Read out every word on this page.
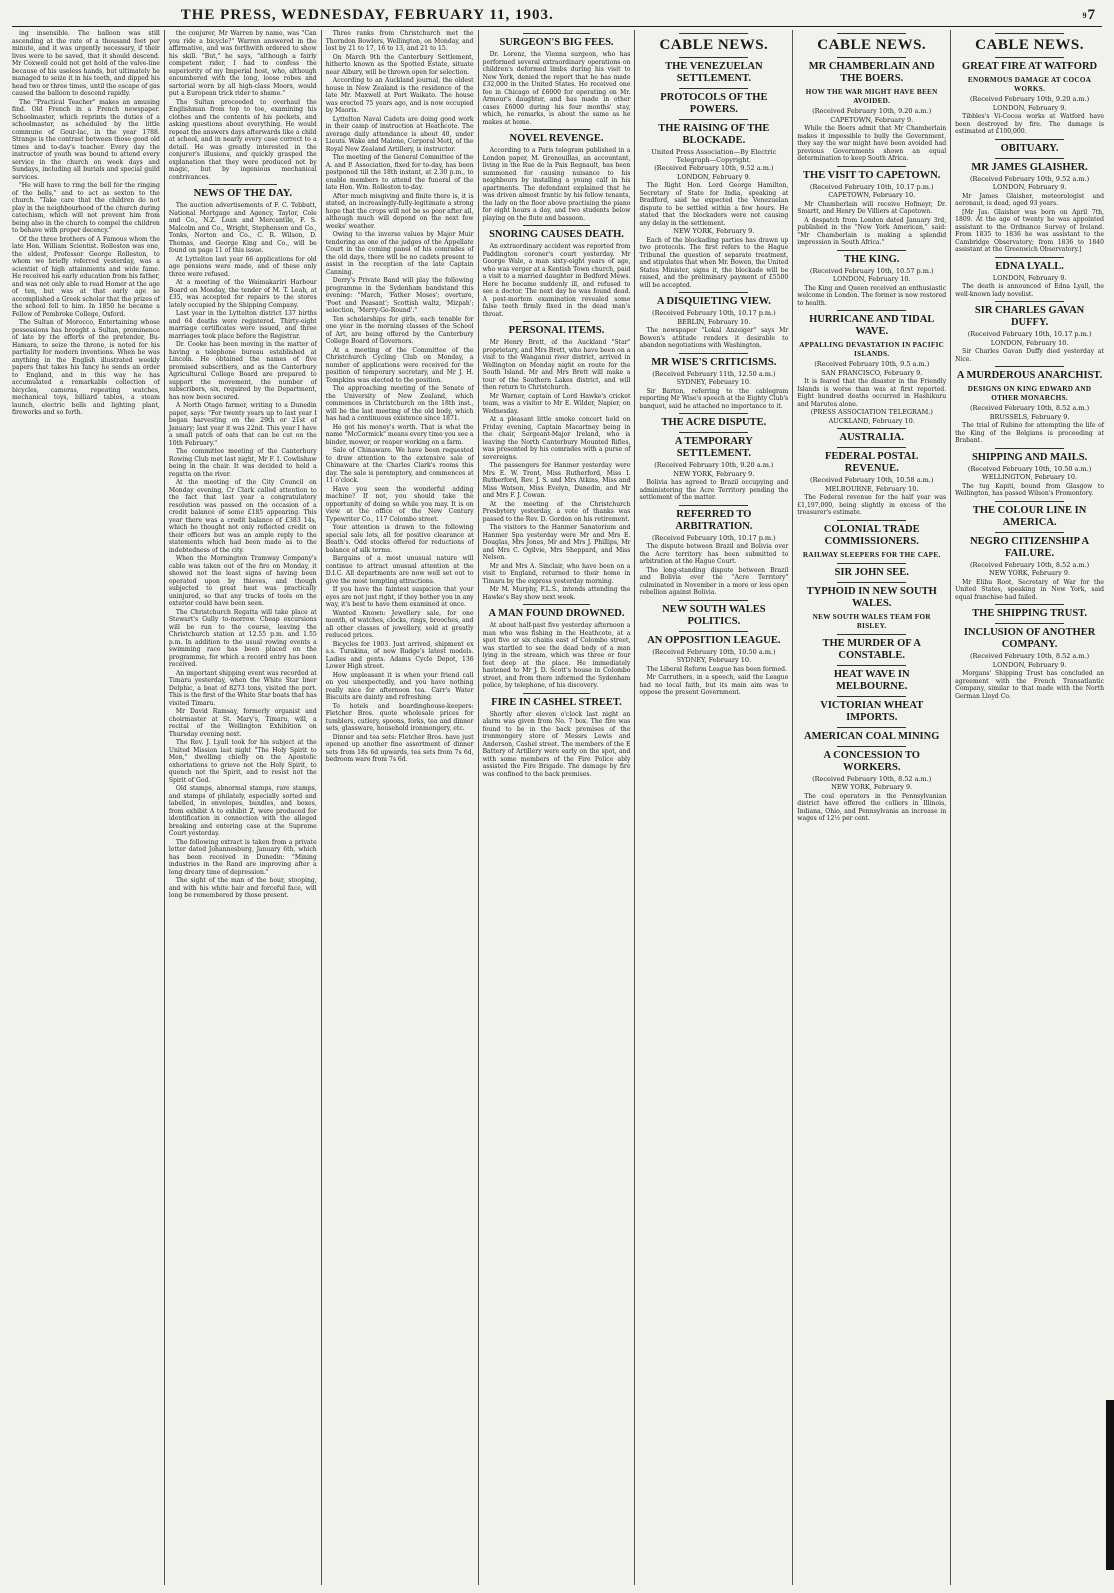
9
THE PRESS, WEDNESDAY, FEBRUARY 11, 1903.	7

ing insensible. The balloon was still ascending at the rate of a thousand feet per minute, and it was urgently necessary, if their lives were to be saved, that it should descend. Mr Coxwell could not get hold of the valve-line because of his useless hands, but ultimately he managed to seize it in his teeth, and dipped his head two or three times, until the escape of gas caused the balloon to descend rapidly.

The "Practical Teacher" makes an amusing find. Old French in a French newspaper. Schoolmaster, which reprints the duties of a schoolmaster, as scheduled by the little commune of Gour-lac, in the year 1788. Strange is the contrast between those good old times and to-day's teacher. Every day the instructor of youth was bound to attend every service in the church on week days and Sundays, including all burials and special guild services.

"He will have to ring the bell for the ringing of the bells," and to act as sexton to the church. "Take care that the children do not play in the neighbourhood of the church during catechism, which will not prevent him from being also in the church to compel the children to behave with proper decency."

Of the three brothers of A Famous whom the late Hon. William Scientist. Rolleston was one, the eldest, Professor George Rolleston, to whom we briefly referred yesterday, was a scientist of high attainments and wide fame. He received his early education from his father, and was not only able to read Homer at the age of ten, but was at that early age so accomplished a Greek scholar that the prizes of the school fell to him. In 1850 he became a Fellow of Pembroke College, Oxford.

The Sultan of Morocco, Entertaining whose possessions has brought a Sultan, prominence of late by the efforts of the pretender, Bu-Hamara, to seize the throne, is noted for his partiality for modern inventions. When he was anything in the English illustrated weekly papers that takes his fancy he sends an order to England, and in this way he has accumulated a remarkable collection of bicycles, cameras, repeating watches, mechanical toys, billiard tables, a steam launch, electric bells and lighting plant, fireworks and so forth.

the conjurer, Mr Warren by name, was "Can you ride a bicycle?" Warren answered in the affirmative, and was forthwith ordered to show his skill. "But," he says, "although a fairly competent rider, I had to confess the superiority of my Imperial host, who, although encumbered with the long, loose robes and sartorial worn by all high-class Moors, would put a European trick rider to shame."

The Sultan proceeded to overhaul the Englishman from top to toe, examining his clothes and the contents of his pockets, and asking questions about everything. He would repeat the answers days afterwards like a child at school, and in nearly every case correct to a detail. He was greatly interested in the conjurer's illusions, and quickly grasped the explanation that they were produced not by magic, but by ingenious mechanical contrivances.

NEWS OF THE DAY.

The auction advertisements of F. C. Tebbutt, National Mortgage and Agency, Taylor, Cole and Co., N.Z. Loan and Mercantile, F. S. Malcolm and Co., Wright, Stephenson and Co., Tonks, Norton and Co., C. R. Wilson, D. Thomas, and George King and Co., will be found on page 11 of this issue.

At Lyttelton last year 66 applications for old age pensions were made, and of these only three were refused.

At a meeting of the Waimakariri Harbour Board on Monday, the tender of M. T. Leah, at £35, was accepted for repairs to the stores lately occupied by the Shipping Company.

Last year in the Lyttelton district 137 births and 64 deaths were registered. Thirty-eight marriage certificates were issued, and three marriages took place before the Registrar.

Dr. Cooke has been moving in the matter of having a telephone bureau established at Lincoln. He obtained the names of five promised subscribers, and as the Canterbury Agricultural College Board are prepared to support the movement, the number of subscribers, six, required by the Department, has now been secured.

A North Otago farmer, writing to a Dunedin paper, says: "For twenty years up to last year I began harvesting on the 29th or 21st of January; last year it was 22nd. This year I have a small patch of oats that can be cut on the 10th February."

The committee meeting of the Canterbury Rowing Club met last night, Mr F. I. Cowlishaw being in the chair. It was decided to hold a regatta on the river.

At the meeting of the City Council on Monday evening, Cr Clark called attention to the fact that last year a congratulatory resolution was passed on the occasion of a credit balance of some £185 appearing. This year there was a credit balance of £383 14s, which he thought not only reflected credit on their officers but was an ample reply to the statements which had been made as to the indebtedness of the city.

When the Mornington Tramway Company's cable was taken out of the fire on Monday, it showed not the least signs of having been operated upon by thieves, and though subjected to great heat was practically uninjured, so that any tracks of tools on the exterior could have been seen.

The Christchurch Regatta will take place at Stewart's Gully to-morrow. Cheap excursions will be run to the course, leaving the Christchurch station at 12.55 p.m. and 1.55 p.m. In addition to the usual rowing events a swimming race has been placed on the programme, for which a record entry has been received.

An important shipping event was recorded at Timaru yesterday, when the White Star liner Delphic, a boat of 8273 tons, visited the port. This is the first of the White Star boats that has visited Timaru.

Mr David Ramsay, formerly organist and choirmaster at St. Mary's, Timaru, will, a recital of the Wellington Exhibition on Thursday evening next.

The Rev. J. Lyall took for his subject at the United Mission last night "The Holy Spirit to Men," dwelling chiefly on the Apostolic exhortations to grieve not the Holy Spirit, to quench not the Spirit, and to resist not the Spirit of God.

Old stamps, abnormal stamps, rare stamps, and stamps of philately, especially sorted and labelled, in envelopes, bundles, and boxes, from exhibit A to exhibit Z, were produced for identification in connection with the alleged breaking and entering case at the Supreme Court yesterday.

The following extract is taken from a private letter dated Johannesburg, January 6th, which has been received in Dunedin: "Mining industries in the Rand are improving after a long dreary time of depression."

The sight of the man of the hour, stooping, and with his white hair and forceful face, will long be remembered by those present.

Three ranks from Christchurch met the Thorndon Bowlers, Wellington, on Monday, and lost by 21 to 17, 16 to 13, and 21 to 15.

On March 9th the Canterbury Settlement, hitherto known as the Spotted Estate, situate near Albury, will be thrown open for selection.

According to an Auckland journal, the oldest house in New Zealand is the residence of the late Mr. Maxwell at Port Waikato. The house was erected 75 years ago, and is now occupied by Maoris.

Lyttelton Naval Cadets are doing good work in their camp of instruction at Heathcote. The average daily attendance is about 40, under Lieuts. Wake and Malone, Corporal Mott, of the Royal New Zealand Artillery, is instructor.

The meeting of the General Committee of the A. and P. Association, fixed for to-day, has been postponed till the 18th instant, at 2.30 p.m., to enable members to attend the funeral of the late Hon. Wm. Rolleston to-day.

After much misgiving and finite there is, it is stated, an increasingly-fully-legitimate a strong hope that the crops will not be so poor after all, although much will depend on the next few weeks' weather.

Owing to the inverse values by Major Muir tendering as one of the judges of the Appellate Court in the coming panel of his comrades of the old days, there will be no cadets present to assist in the reception of the late Captain Canning.

Derry's Private Band will play the following programme in the Sydenham bandstand this evening: "March, 'Father Moses'; overture, 'Poet and Peasant'; Scottish waltz, 'Mizpah'; selection, 'Merry-Go-Round'."

Ten scholarships for girls, each tenable for one year in the morning classes of the School of Art, are being offered by the Canterbury College Board of Governors.

At a meeting of the Committee of the Christchurch Cycling Club on Monday, a number of applications were received for the position of temporary secretary, and Mr J. H. Tompkins was elected to the position.

The approaching meeting of the Senate of the University of New Zealand, which commences in Christchurch on the 18th inst., will be the last meeting of the old body, which has had a continuous existence since 1871.

He got his money's worth. That is what the name "McCormick" means every time you see a binder, mower, or reaper working on a farm.

Sale of Chinaware. We have been requested to draw attention to the extensive sale of Chinaware at the Charles Clark's rooms this day. The sale is peremptory, and commences at 11 o'clock.

Have you seen the wonderful adding machine? If not, you should take the opportunity of doing so while you may. It is on view at the office of the New Century Typewriter Co., 117 Colombo street.

Your attention is drawn to the following special sale lots, all for positive clearance at Beath's. Odd stocks offered for reductions of balance of silk terms.

Bargains of a most unusual nature will continue to attract unusual attention at the D.I.C. All departments are now well set out to give the most tempting attractions.

If you have the faintest suspicion that your eyes are not just right, if they bother you in any way, it's best to have them examined at once.

Wanted Known: Jewellery sale, for one month, of watches, clocks, rings, brooches, and all other classes of jewellery, sold at greatly reduced prices.

Bicycles for 1903. Just arrived, shipment ex s.s. Turakina, of new Rudge's latest models. Ladies and gents. Adams Cycle Depot, 136 Lower High street.

How unpleasant it is when your friend call on you unexpectedly, and you have nothing really nice for afternoon tea. Carr's Water Biscuits are dainty and refreshing.

To hotels and boardinghouse-keepers: Fletcher Bros. quote wholesale prices for tumblers, cutlery, spoons, forks, tea and dinner sets, glassware, household ironmongery, etc.

Dinner and tea sets: Fletcher Bros. have just opened up another fine assortment of dinner sets from 18s 6d upwards, tea sets from 7s 6d, bedroom ware from 7s 6d.

SURGEON'S BIG FEES.

Dr. Lorenz, the Vienna surgeon, who has performed several extraordinary operations on children's deformed limbs during his visit to New York, denied the report that he has made £32,000 in the United States. He received one fee in Chicago of £6000 for operating on Mr. Armour's daughter, and has made in other cases £6000 during his four months' stay, which, he remarks, is about the same as he makes at home.

NOVEL REVENGE.

According to a Paris telegram published in a London paper, M. Grenouillas, an accountant, living in the Rue de la Paix Regnault, has been summoned for causing nuisance to his neighbours by installing a young calf in his apartments. The defendant explained that he was driven almost frantic by his fellow tenants, the lady on the floor above practising the piano for eight hours a day, and two students below playing on the flute and bassoon.

SNORING CAUSES DEATH.

An extraordinary accident was reported from Paddington coroner's court yesterday. Mr George Wale, a man sixty-eight years of age, who was verger at a Kentish Town church, paid a visit to a married daughter in Bedford Mews. Here he became suddenly ill, and refused to see a doctor. The next day he was found dead. A post-mortem examination revealed some false teeth firmly fixed in the dead man's throat.

PERSONAL ITEMS.

Mr Henry Brett, of the Auckland "Star" proprietary, and Mrs Brett, who have been on a visit to the Wanganui river district, arrived in Wellington on Monday night en route for the South Island. Mr and Mrs Brett will make a tour of the Southern Lakes district, and will then return to Christchurch.

Mr Warner, captain of Lord Hawke's cricket team, was a visitor to Mr E. Wilder, Napier, on Wednesday.

At a pleasant little smoke concert held on Friday evening, Captain Macartney being in the chair, Sergeant-Major Ireland, who is leaving the North Canterbury Mounted Rifles, was presented by his comrades with a purse of sovereigns.

The passengers for Hanmer yesterday were Mrs E. W. Trent, Miss Rutherford, Miss I. Rutherford, Rev. J. S. and Mrs Atkins, Miss and Miss Watson, Miss Evelyn, Dunedin, and Mr and Mrs F. J. Cowan.

At the meeting of the Christchurch Presbytery yesterday, a vote of thanks was passed to the Rev. D. Gordon on his retirement.

The visitors to the Hanmer Sanatorium and Hanmer Spa yesterday were Mr and Mrs E. Douglas, Mrs Jones, Mr and Mrs J. Phillips, Mr and Mrs C. Ogilvie, Mrs Sheppard, and Miss Nelson.

Mr and Mrs A. Sinclair, who have been on a visit to England, returned to their home in Timaru by the express yesterday morning.

Mr M. Murphy, F.L.S., intends attending the Hawke's Bay show next week.

A MAN FOUND DROWNED.

At about half-past five yesterday afternoon a man who was fishing in the Heathcote, at a spot five or six chains east of Colombo street, was startled to see the dead body of a man lying in the stream, which was three or four feet deep at the place. He immediately hastened to Mr J. D. Scott's house in Colombo street, and from there informed the Sydenham police, by telephone, of his discovery.

FIRE IN CASHEL STREET.

Shortly after eleven o'clock last night an alarm was given from No. 7 box. The fire was found to be in the back premises of the ironmongery store of Messrs Lewis and Anderson, Cashel street. The members of the E Battery of Artillery were early on the spot, and with some members of the Fire Police ably assisted the Fire Brigade. The damage by fire was confined to the back premises.

CABLE NEWS.
THE VENEZUELAN SETTLEMENT.
PROTOCOLS OF THE POWERS.
THE RAISING OF THE BLOCKADE.
United Press Association—By Electric Telegraph—Copyright.
(Received February 10th, 9.52 a.m.)
LONDON, February 9.

The Right Hon. Lord George Hamilton, Secretary of State for India, speaking at Bradford, said he expected the Venezuelan dispute to be settled within a few hours. He stated that the blockaders were not causing any delay in the settlement.

NEW YORK, February 9.

Each of the blockading parties has drawn up two protocols. The first refers to the Hague Tribunal the question of separate treatment, and stipulates that when Mr. Bowen, the United States Minister, signs it, the blockade will be raised, and the preliminary payment of £5500 will be accepted.

A DISQUIETING VIEW.
(Received February 10th, 10.17 p.m.)
BERLIN, February 10.

The newspaper "Lokal Anzeiger" says Mr Bowen's attitude renders it desirable to abandon negotiations with Washington.

MR WISE'S CRITICISMS.
(Received February 11th, 12.50 a.m.)
SYDNEY, February 10.

Sir Barton, referring to the cablegram reporting Mr Wise's speech at the Eighty Club's banquet, said he attached no importance to it.

THE ACRE DISPUTE.
A TEMPORARY SETTLEMENT.
(Received February 10th, 9.20 a.m.)
NEW YORK, February 9.

Bolivia has agreed to Brazil occupying and administering the Acre Territory pending the settlement of the matter.

REFERRED TO ARBITRATION.
(Received February 10th, 10.17 p.m.)

The dispute between Brazil and Bolivia over the Acre territory has been submitted to arbitration at the Hague Court.

The long-standing dispute between Brazil and Bolivia over the "Acre Territory" culminated in November in a more or less open rebellion against Bolivia.

NEW SOUTH WALES POLITICS.
AN OPPOSITION LEAGUE.
(Received February 10th, 10.50 a.m.)
SYDNEY, February 10.

The Liberal Reform League has been formed.

Mr Carruthers, in a speech, said the League had no local faith, but its main aim was to oppose the present Government.

CABLE NEWS.
MR CHAMBERLAIN AND THE BOERS.
HOW THE WAR MIGHT HAVE BEEN AVOIDED.
(Received February 10th, 9.20 a.m.)
CAPETOWN, February 9.

While the Boers admit that Mr Chamberlain makes it impossible to bully the Government, they say the war might have been avoided had previous Governments shown an equal determination to keep South Africa.

THE VISIT TO CAPETOWN.
(Received February 10th, 10.17 p.m.)
CAPETOWN, February 10.

Mr Chamberlain will receive Hofmeyr, Dr. Smartt, and Henry De Villiers at Capetown.

A despatch from London dated January 3rd, published in the "New York American," said: "Mr Chamberlain is making a splendid impression in South Africa."

THE KING.
(Received February 10th, 10.57 p.m.)
LONDON, February 10.

The King and Queen received an enthusiastic welcome in London. The former is now restored to health.

HURRICANE AND TIDAL WAVE.
APPALLING DEVASTATION IN PACIFIC ISLANDS.
(Received February 10th, 9.5 a.m.)
SAN FRANCISCO, February 9.

It is feared that the disaster in the Friendly Islands is worse than was at first reported. Eight hundred deaths occurred in Hashikuru and Marutea alone.

(PRESS ASSOCIATION TELEGRAM.)
AUCKLAND, February 10.
AUSTRALIA.
FEDERAL POSTAL REVENUE.
(Received February 10th, 10.58 a.m.)
MELBOURNE, February 10.

The Federal revenue for the half year was £1,197,000, being slightly in excess of the treasurer's estimate.

COLONIAL TRADE COMMISSIONERS.
RAILWAY SLEEPERS FOR THE CAPE.
SIR JOHN SEE.
TYPHOID IN NEW SOUTH WALES.
NEW SOUTH WALES TEAM FOR BISLEY.
THE MURDER OF A CONSTABLE.
HEAT WAVE IN MELBOURNE.
VICTORIAN WHEAT IMPORTS.
AMERICAN COAL MINING
A CONCESSION TO WORKERS.
(Received February 10th, 8.52 a.m.)
NEW YORK, February 9.

The coal operators in the Pennsylvanian district have offered the colliers in Illinois, Indiana, Ohio, and Pennsylvania an increase in wages of 12½ per cent.

CABLE NEWS.
GREAT FIRE AT WATFORD
ENORMOUS DAMAGE AT COCOA WORKS.
(Received February 10th, 9.20 a.m.)
LONDON, February 9.

Tibbles's Vi-Cocoa works at Watford have been destroyed by fire. The damage is estimated at £100,000.

OBITUARY.
MR JAMES GLAISHER.
(Received February 10th, 9.52 a.m.)
LONDON, February 9.

Mr James Glaisher, meteorologist and aeronaut, is dead, aged 93 years.

[Mr Jas. Glaisher was born on April 7th, 1809. At the age of twenty he was appointed assistant to the Ordnance Survey of Ireland. From 1835 to 1836 he was assistant to the Cambridge Observatory; from 1836 to 1840 assistant at the Greenwich Observatory.]

EDNA LYALL.
LONDON, February 9.

The death is announced of Edna Lyall, the well-known lady novelist.

SIR CHARLES GAVAN DUFFY.
(Received February 10th, 10.17 p.m.)
LONDON, February 10.

Sir Charles Gavan Duffy died yesterday at Nice.

A MURDEROUS ANARCHIST.
DESIGNS ON KING EDWARD AND OTHER MONARCHS.
(Received February 10th, 8.52 a.m.)
BRUSSELS, February 9.

The trial of Rubino for attempting the life of the King of the Belgians is proceeding at Brabant.

SHIPPING AND MAILS.
(Received February 10th, 10.50 a.m.)
WELLINGTON, February 10.

The tug Kapiti, bound from Glasgow to Wellington, has passed Wilson's Promontory.

THE COLOUR LINE IN AMERICA.
NEGRO CITIZENSHIP A FAILURE.
(Received February 10th, 8.52 a.m.)
NEW YORK, February 9.

Mr Elihu Root, Secretary of War for the United States, speaking in New York, said equal franchise had failed.

THE SHIPPING TRUST.
INCLUSION OF ANOTHER COMPANY.
(Received February 10th, 8.52 a.m.)
LONDON, February 9.

Morgans' Shipping Trust has concluded an agreement with the French Transatlantic Company, similar to that made with the North German Lloyd Co.
